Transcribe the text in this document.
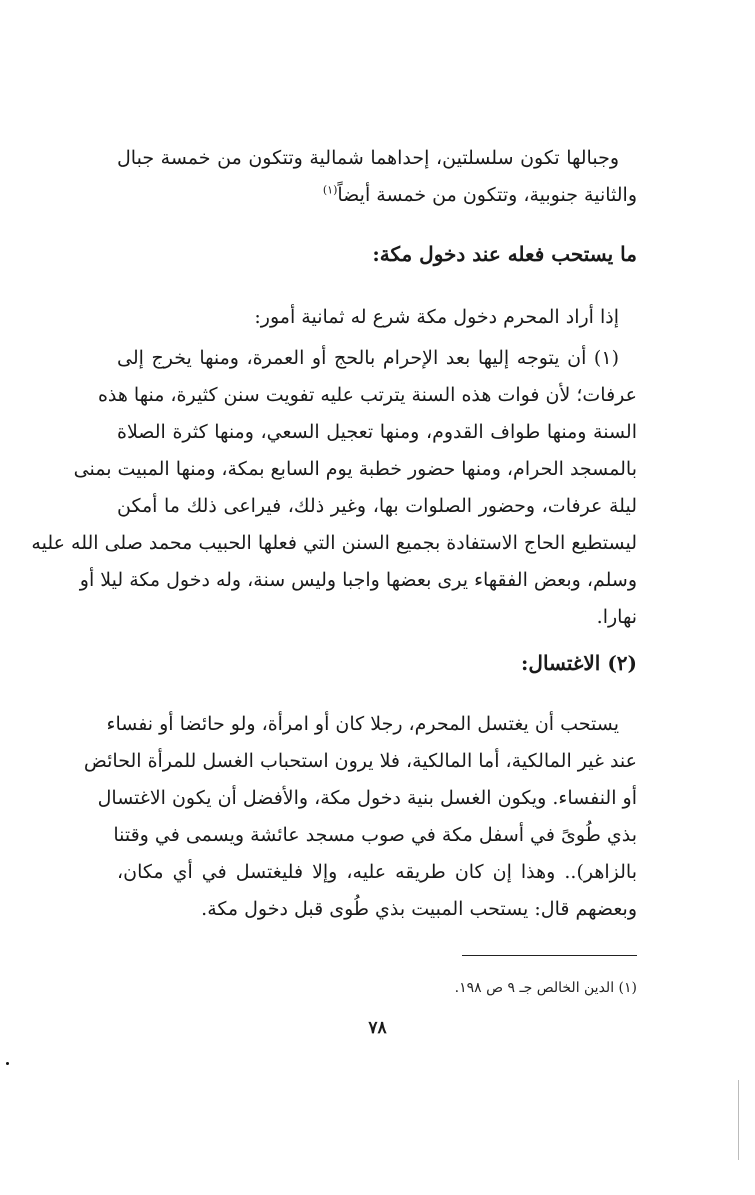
وجبالها تكون سلسلتين، إحداهما شمالية وتتكون من خمسة جبال
والثانية جنوبية، وتتكون من خمسة أيضاً$^{(١)}$
ما يستحب فعله عند دخول مكة:
إذا أراد المحرم دخول مكة شرع له ثمانية أمور:
(١) أن يتوجه إليها بعد الإحرام بالحج أو العمرة، ومنها يخرج إلى
عرفات؛ لأن فوات هذه السنة يترتب عليه تفويت سنن كثيرة، منها هذه
السنة ومنها طواف القدوم، ومنها تعجيل السعي، ومنها كثرة الصلاة
بالمسجد الحرام، ومنها حضور خطبة يوم السابع بمكة، ومنها المبيت بمنى
ليلة عرفات، وحضور الصلوات بها، وغير ذلك، فيراعى ذلك ما أمكن
ليستطيع الحاج الاستفادة بجميع السنن التي فعلها الحبيب محمد صلى الله عليه
وسلم، وبعض الفقهاء يرى بعضها واجبا وليس سنة، وله دخول مكة ليلا أو
نهارا.
(٢) الاغتسال:
يستحب أن يغتسل المحرم، رجلا كان أو امرأة، ولو حائضا أو نفساء
عند غير المالكية، أما المالكية، فلا يرون استحباب الغسل للمرأة الحائض
أو النفساء. ويكون الغسل بنية دخول مكة، والأفضل أن يكون الاغتسال
بذي طُوىً في أسفل مكة في صوب مسجد عائشة ويسمى في وقتنا
بالزاهر).. وهذا إن كان طريقه عليه، وإلا فليغتسل في أي مكان،
وبعضهم قال: يستحب المبيت بذي طُوى قبل دخول مكة.
(١) الدين الخالص جـ ٩ ص ١٩٨.
٧٨
